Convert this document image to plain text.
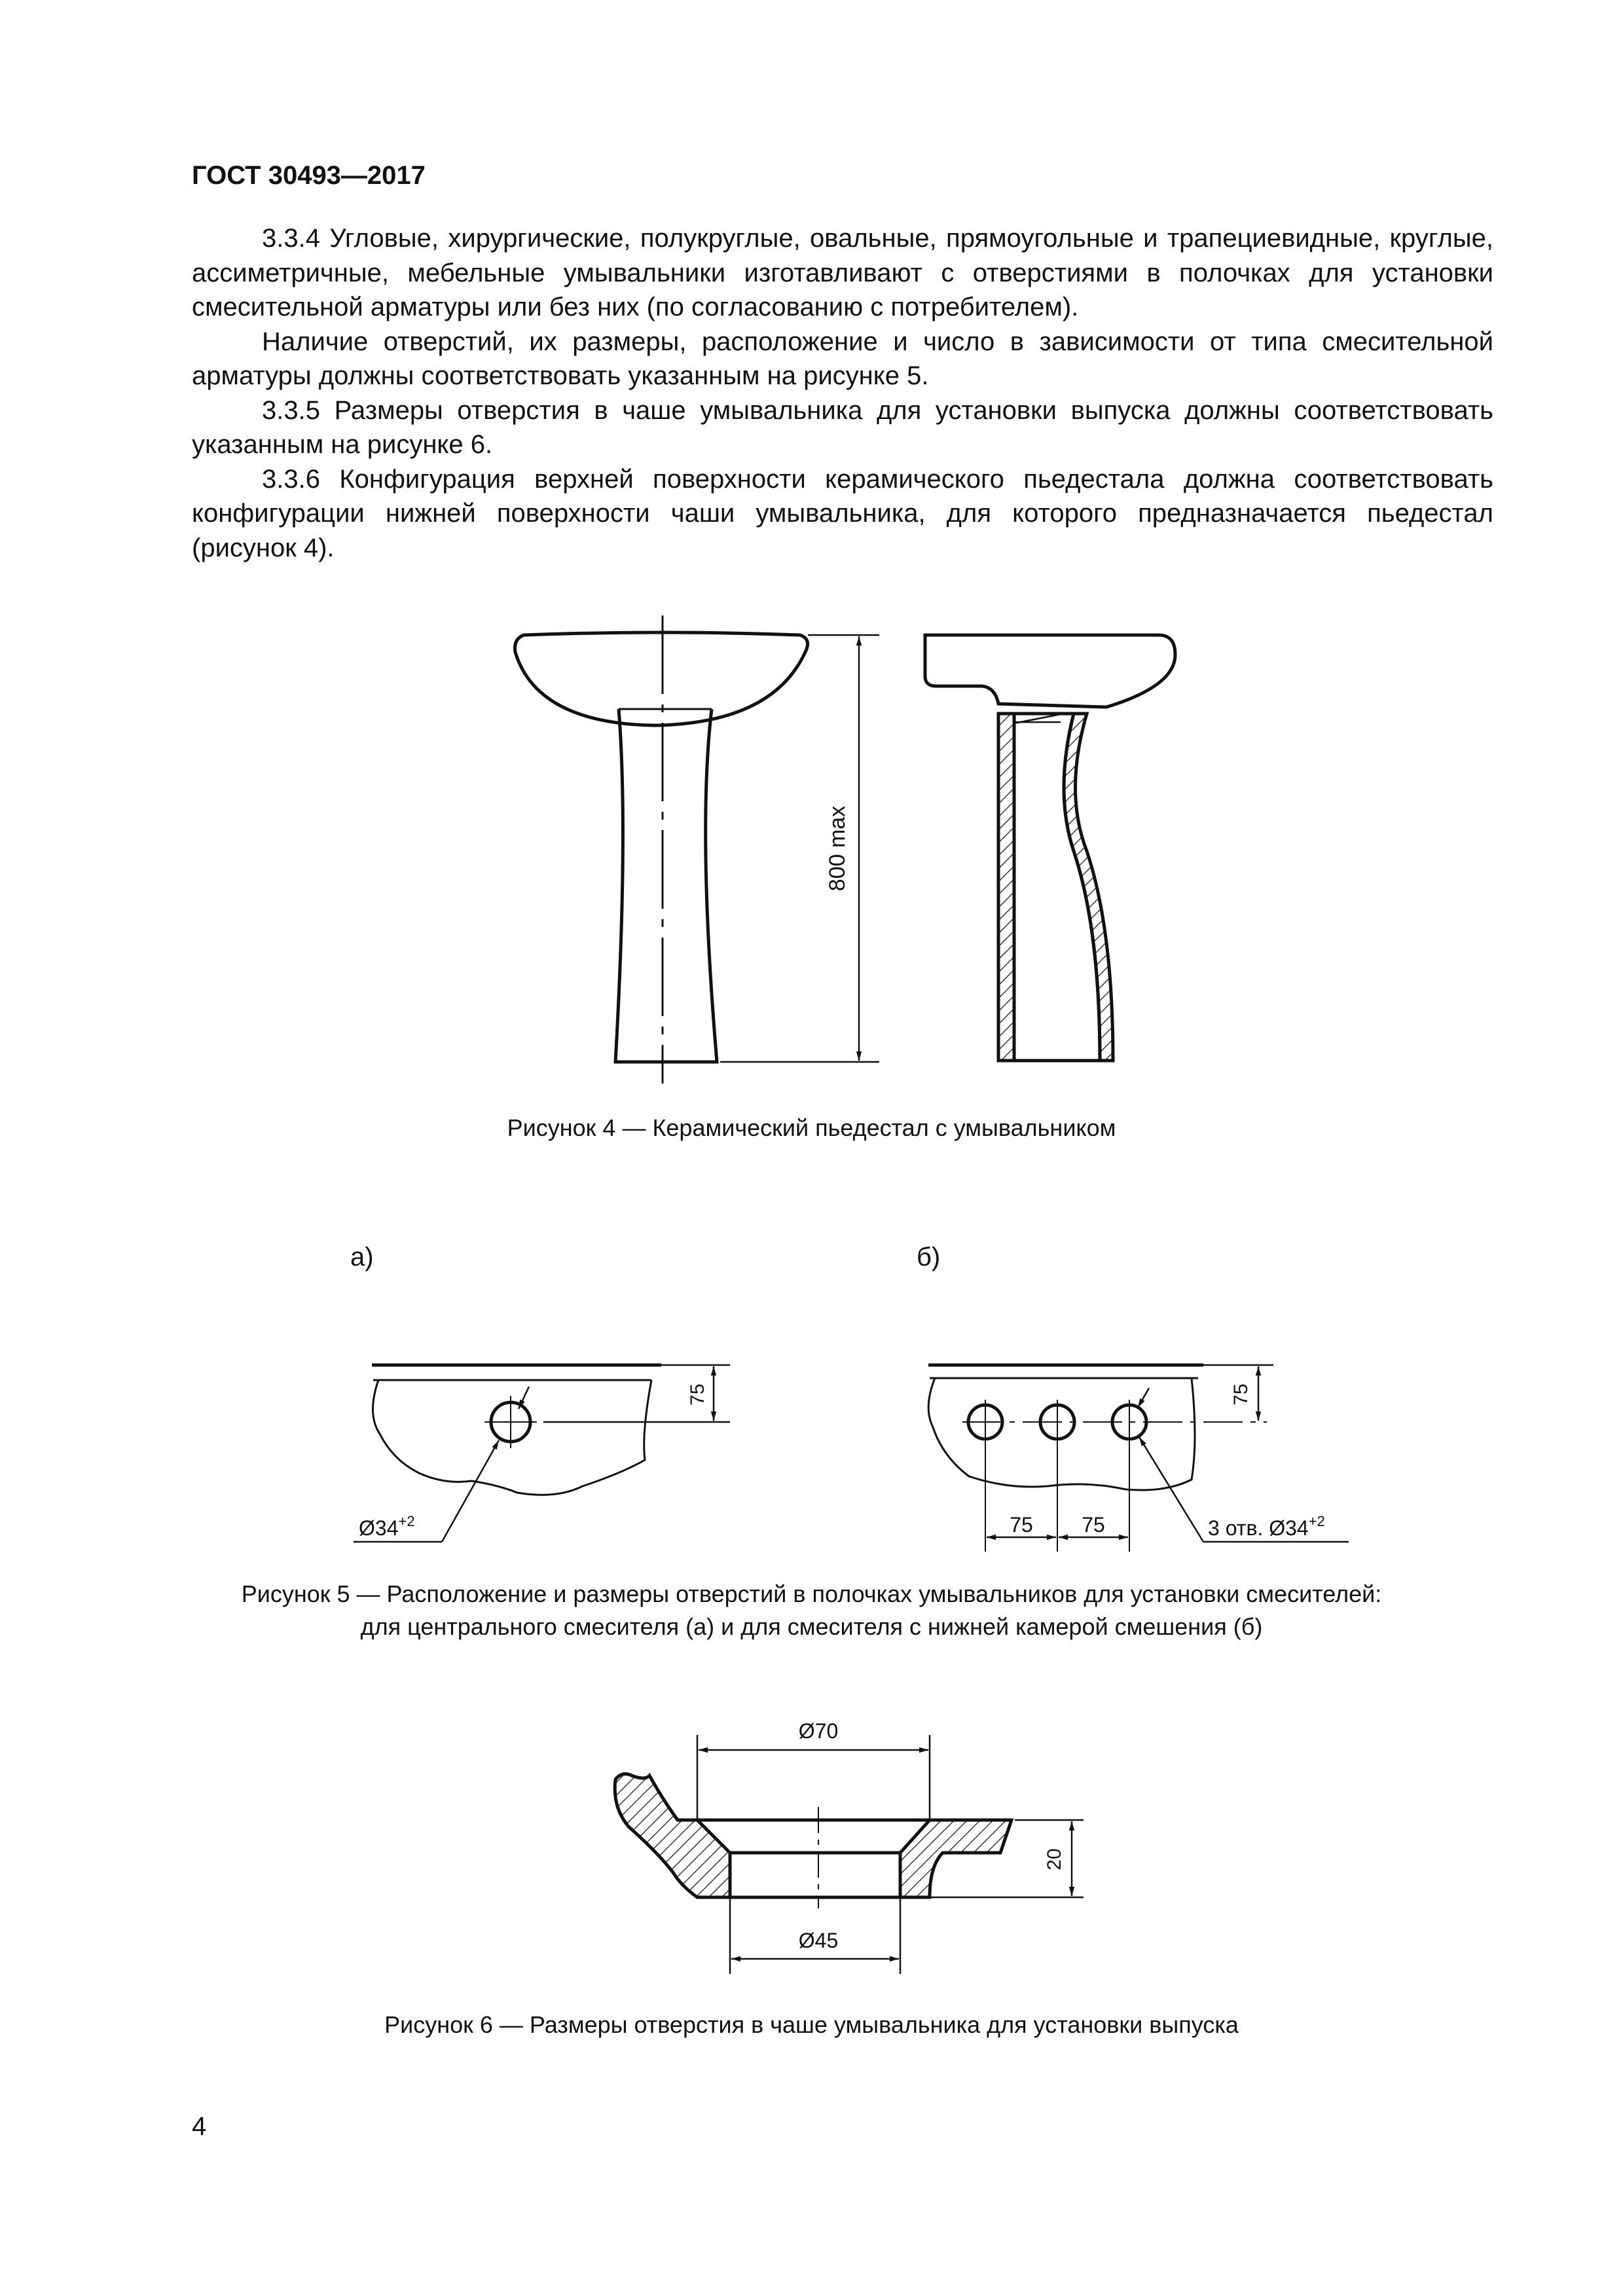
ГОСТ 30493—2017

3.3.4 Угловые, хирургические, полукруглые, овальные, прямоугольные и трапециевидные, круглые, ассиметричные, мебельные умывальники изготавливают с отверстиями в полочках для установки смесительной арматуры или без них (по согласованию с потребителем).

Наличие отверстий, их размеры, расположение и число в зависимости от типа смесительной арматуры должны соответствовать указанным на рисунке 5.

3.3.5 Размеры отверстия в чаше умывальника для установки выпуска должны соответствовать указанным на рисунке 6.

3.3.6 Конфигурация верхней поверхности керамического пьедестала должна соответствовать конфигурации нижней поверхности чаши умывальника, для которого предназначается пьедестал (рисунок 4).

800 max
Рисунок 4 — Керамический пьедестал с умывальником
а)	б)
75
$Ø34^{+2}$
75
75 75	3 отв. $Ø34^{+2}$
Рисунок 5 — Расположение и размеры отверстий в полочках умывальников для установки смесителей:
для центрального смесителя (а) и для смесителя с нижней камерой смешения (б)
Ø70
Ø45
20
Рисунок 6 — Размеры отверстия в чаше умывальника для установки выпуска
4
